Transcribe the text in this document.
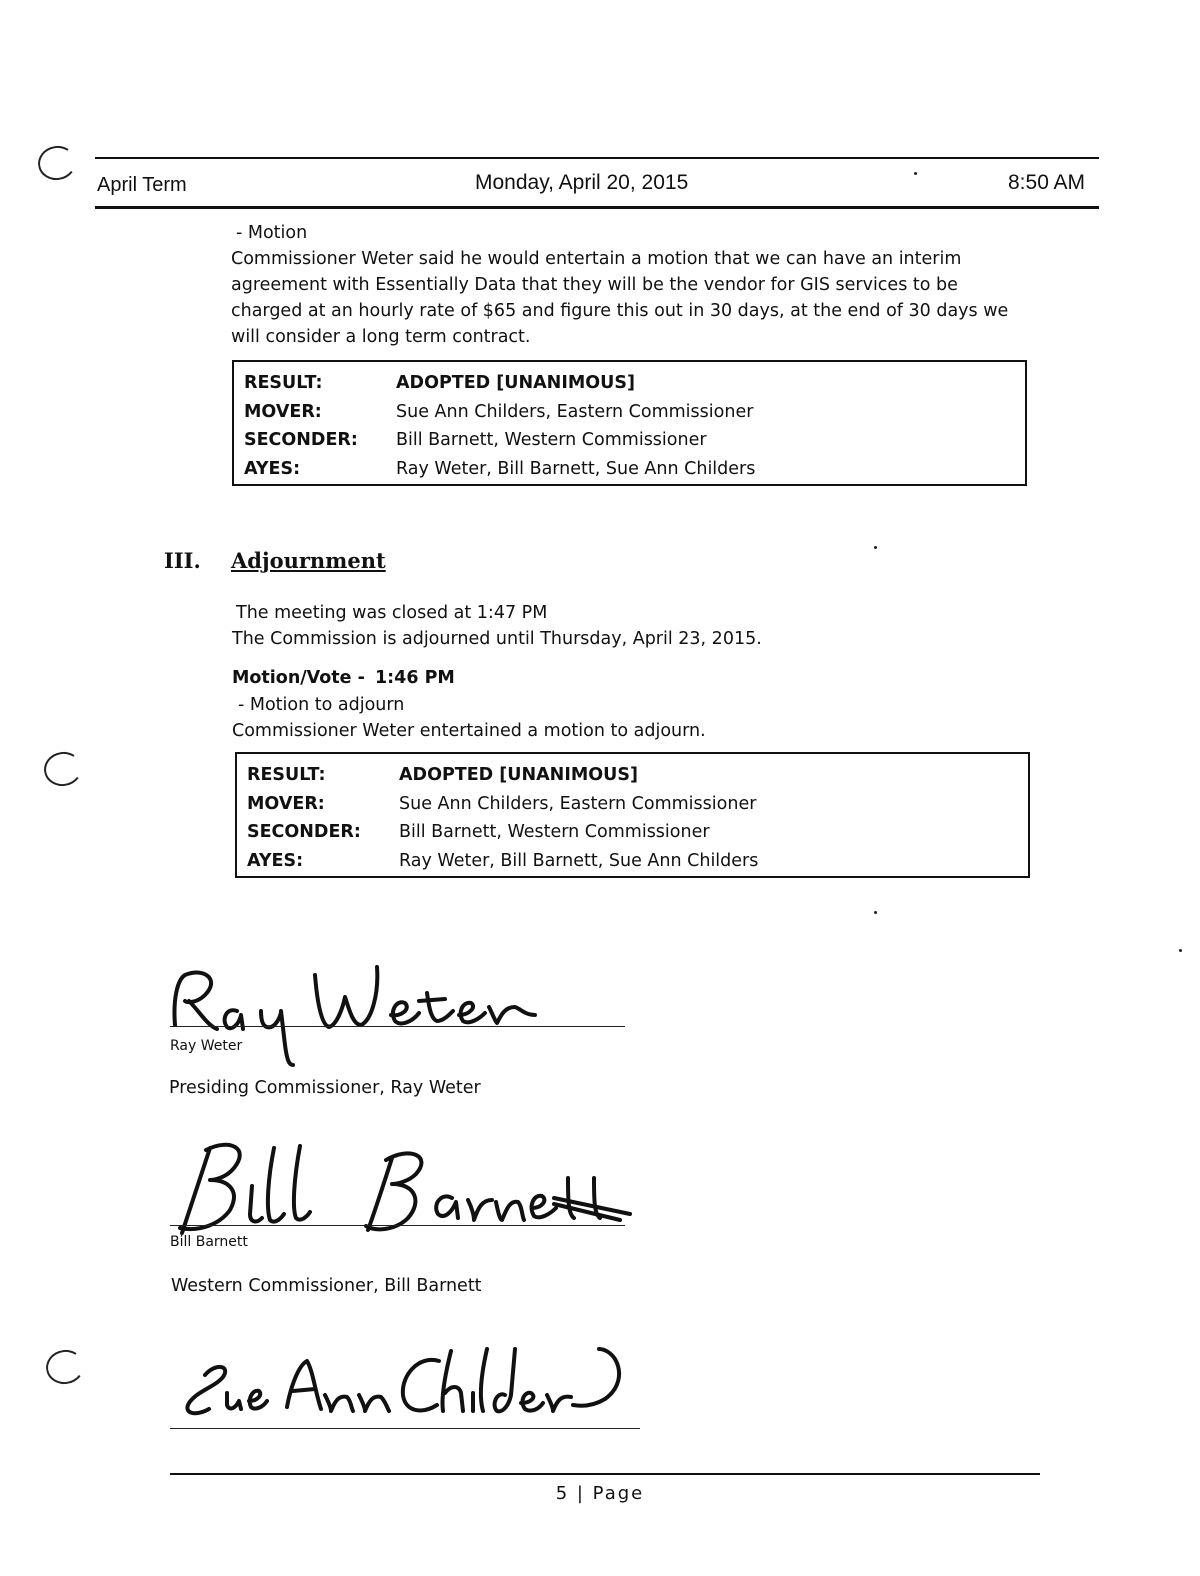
April Term	Monday, April 20, 2015	8:50 AM
- Motion
Commissioner Weter said he would entertain a motion that we can have an interim agreement with Essentially Data that they will be the vendor for GIS services to be charged at an hourly rate of $65 and figure this out in 30 days, at the end of 30 days we will consider a long term contract.
RESULT:	ADOPTED [UNANIMOUS]
MOVER:	Sue Ann Childers, Eastern Commissioner
SECONDER:	Bill Barnett, Western Commissioner
AYES:	Ray Weter, Bill Barnett, Sue Ann Childers
III. Adjournment
The meeting was closed at 1:47 PM
The Commission is adjourned until Thursday, April 23, 2015.
Motion/Vote - 1:46 PM
- Motion to adjourn
Commissioner Weter entertained a motion to adjourn.
RESULT:	ADOPTED [UNANIMOUS]
MOVER:	Sue Ann Childers, Eastern Commissioner
SECONDER:	Bill Barnett, Western Commissioner
AYES:	Ray Weter, Bill Barnett, Sue Ann Childers
Ray Weter
Presiding Commissioner, Ray Weter
Bill Barnett
Western Commissioner, Bill Barnett
5 | Page
